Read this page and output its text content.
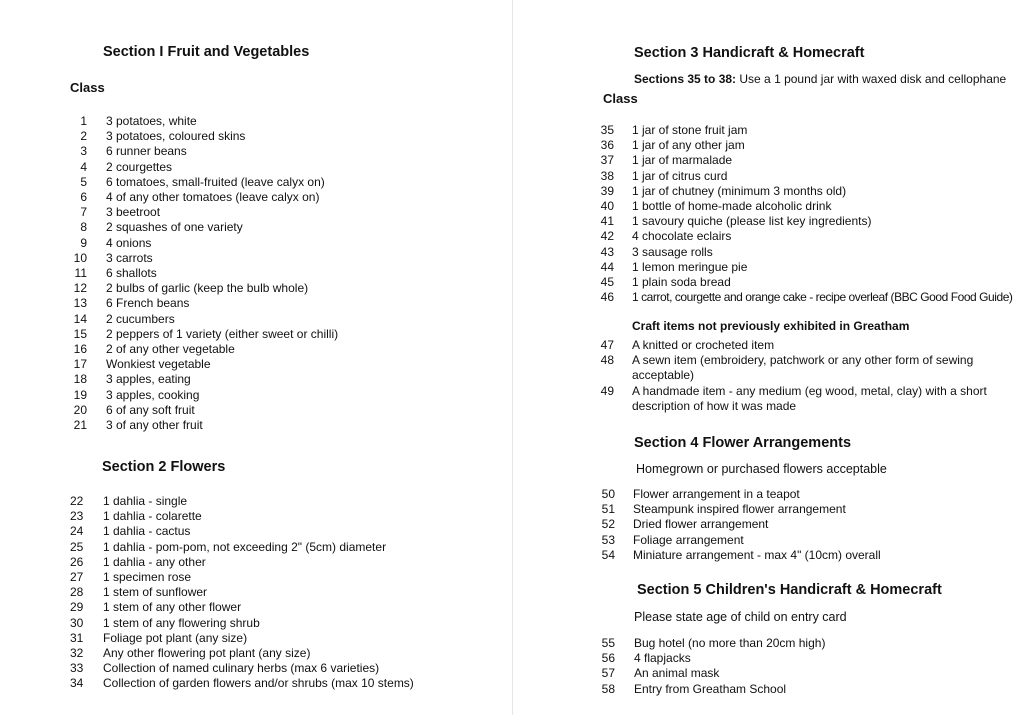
Section I Fruit and Vegetables
Class
1	3 potatoes, white
2	3 potatoes, coloured skins
3	6 runner beans
4	2 courgettes
5	6 tomatoes, small-fruited (leave calyx on)
6	4 of any other tomatoes (leave calyx on)
7	3 beetroot
8	2 squashes of one variety
9	4 onions
10	3 carrots
11	6 shallots
12	2 bulbs of garlic (keep the bulb whole)
13	6 French beans
14	2 cucumbers
15	2 peppers of 1 variety (either sweet or chilli)
16	2 of any other vegetable
17	Wonkiest vegetable
18	3 apples, eating
19	3 apples, cooking
20	6 of any soft fruit
21	3 of any other fruit
Section 2 Flowers
22	1 dahlia - single
23	1 dahlia - colarette
24	1 dahlia - cactus
25	1 dahlia - pom-pom, not exceeding 2" (5cm) diameter
26	1 dahlia - any other
27	1 specimen rose
28	1 stem of sunflower
29	1 stem of any other flower
30	1 stem of any flowering shrub
31	Foliage pot plant (any size)
32	Any other flowering pot plant (any size)
33	Collection of named culinary herbs (max 6 varieties)
34	Collection of garden flowers and/or shrubs (max 10 stems)
Section 3 Handicraft & Homecraft
Sections 35 to 38: Use a 1 pound jar with waxed disk and cellophane
Class
35	1 jar of stone fruit jam
36	1 jar of any other jam
37	1 jar of marmalade
38	1 jar of citrus curd
39	1 jar of chutney (minimum 3 months old)
40	1 bottle of home-made alcoholic drink
41	1 savoury quiche (please list key ingredients)
42	4 chocolate eclairs
43	3 sausage rolls
44	1 lemon meringue pie
45	1 plain soda bread
46	1 carrot, courgette and orange cake - recipe overleaf (BBC Good Food Guide)
Craft items not previously exhibited in Greatham
47	A knitted or crocheted item
48	A sewn item (embroidery, patchwork or any other form of sewing
acceptable)
49	A handmade item - any medium (eg wood, metal, clay) with a short
description of how it was made
Section 4 Flower Arrangements
Homegrown or purchased flowers acceptable
50	Flower arrangement in a teapot
51	Steampunk inspired flower arrangement
52	Dried flower arrangement
53	Foliage arrangement
54	Miniature arrangement - max 4" (10cm) overall
Section 5 Children's Handicraft & Homecraft
Please state age of child on entry card
55	Bug hotel (no more than 20cm high)
56	4 flapjacks
57	An animal mask
58	Entry from Greatham School
